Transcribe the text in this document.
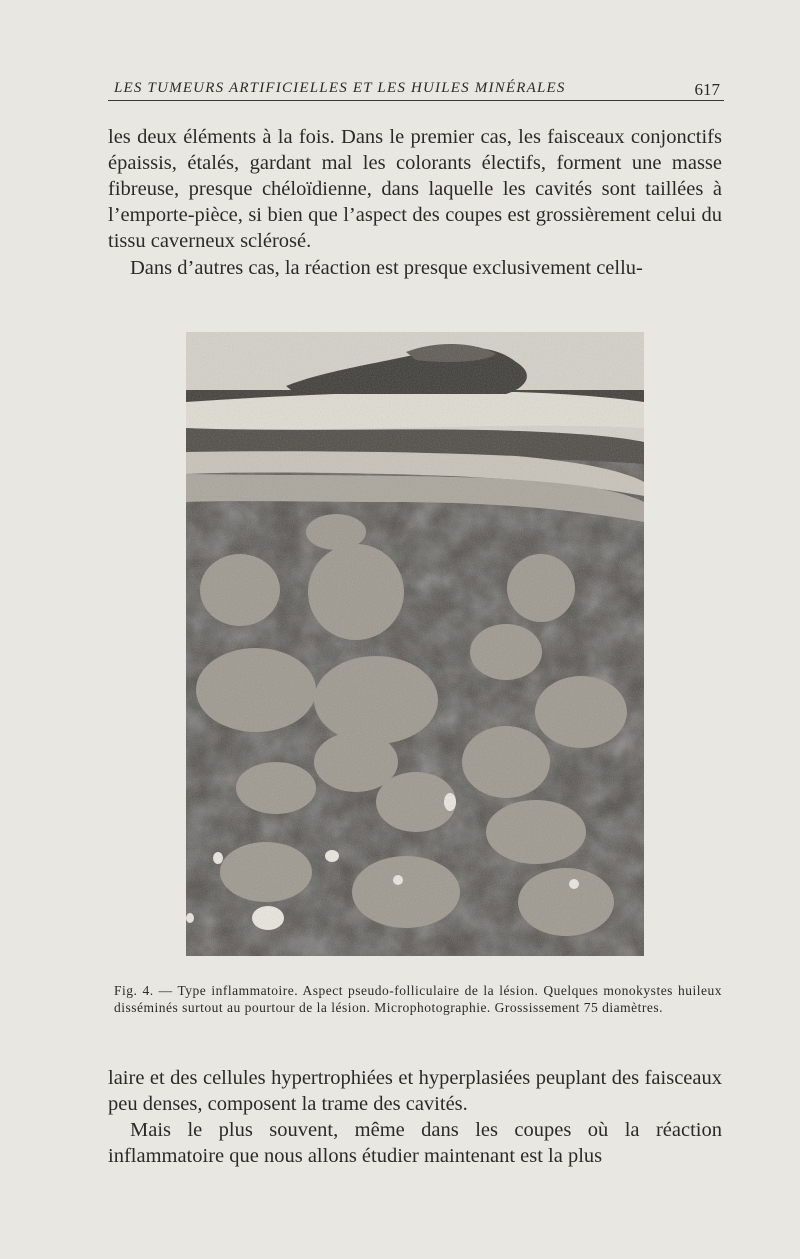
LES TUMEURS ARTIFICIELLES ET LES HUILES MINÉRALES	617

les deux éléments à la fois. Dans le premier cas, les faisceaux conjonctifs épaissis, étalés, gardant mal les colorants électifs, forment une masse fibreuse, presque chéloïdienne, dans laquelle les cavités sont taillées à l’emporte-pièce, si bien que l’aspect des coupes est grossièrement celui du tissu caverneux sclérosé.

Dans d’autres cas, la réaction est presque exclusivement cellu-

Fig. 4. — Type inflammatoire. Aspect pseudo-folliculaire de la lésion. Quelques monokystes huileux disséminés surtout au pourtour de la lésion. Microphotographie. Grossissement 75 diamètres.

laire et des cellules hypertrophiées et hyperplasiées peuplant des faisceaux peu denses, composent la trame des cavités.

Mais le plus souvent, même dans les coupes où la réaction inflammatoire que nous allons étudier maintenant est la plus
